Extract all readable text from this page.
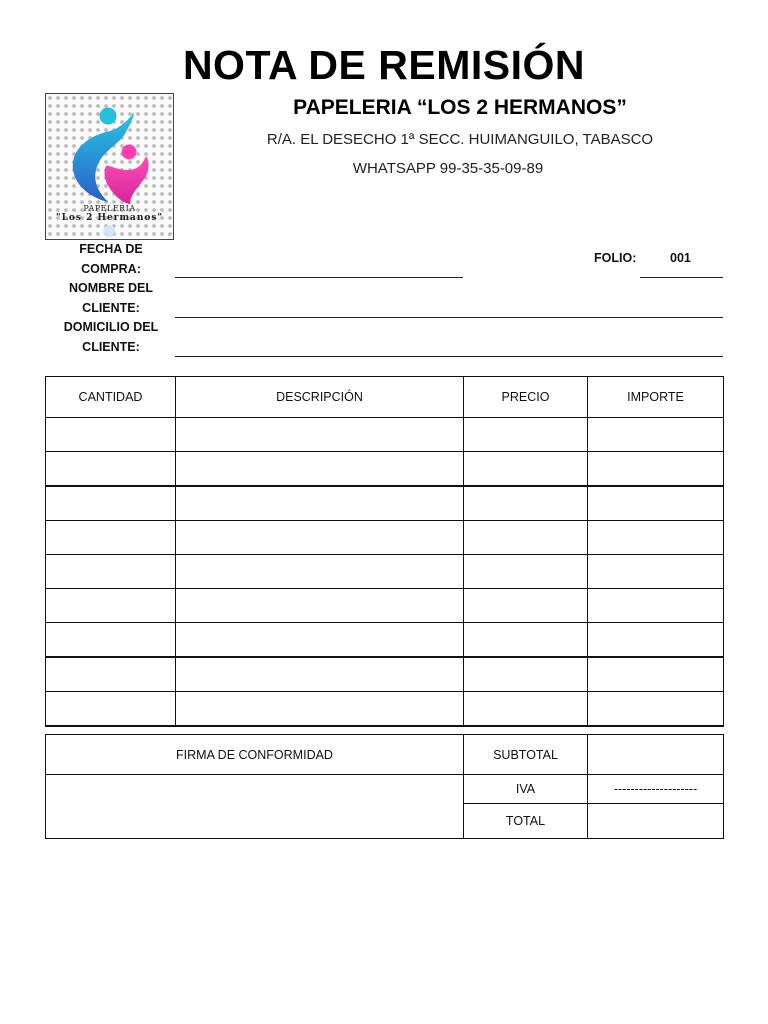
NOTA DE REMISIÓN
PAPELERIA
"Los 2 Hermanos"
PAPELERIA “LOS 2 HERMANOS”
R/A. EL DESECHO 1ª SECC. HUIMANGUILO, TABASCO
WHATSAPP 99-35-35-09-89
FECHA DE
COMPRA:
FOLIO:	001
NOMBRE DEL
CLIENTE:
DOMICILIO DEL
CLIENTE:
CANTIDAD	DESCRIPCIÓN	PRECIO	IMPORTE

FIRMA DE CONFORMIDAD	SUBTOTAL	
	IVA	--------------------
	TOTAL	
